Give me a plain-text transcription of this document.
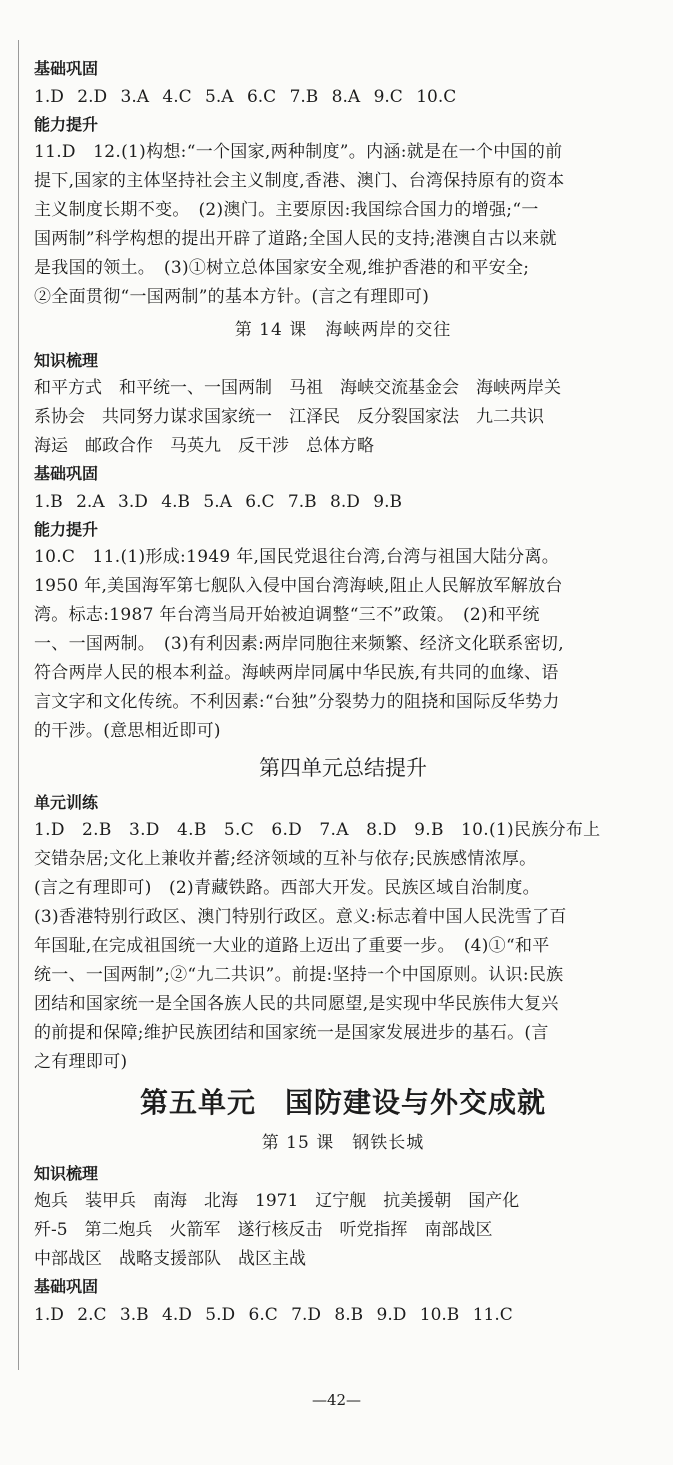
基础巩固
1.D 2.D 3.A 4.C 5.A 6.C 7.B 8.A 9.C 10.C
能力提升
11.D　12.(1)构想:“一个国家,两种制度”。内涵:就是在一个中国的前
提下,国家的主体坚持社会主义制度,香港、澳门、台湾保持原有的资本
主义制度长期不变。　(2)澳门。主要原因:我国综合国力的增强;“一
国两制”科学构想的提出开辟了道路;全国人民的支持;港澳自古以来就
是我国的领土。　(3)①树立总体国家安全观,维护香港的和平安全;
②全面贯彻“一国两制”的基本方针。(言之有理即可)
第 14 课　海峡两岸的交往
知识梳理
和平方式　和平统一、一国两制　马祖　海峡交流基金会　海峡两岸关
系协会　共同努力谋求国家统一　江泽民　反分裂国家法　九二共识
海运　邮政合作　马英九　反干涉　总体方略
基础巩固
1.B 2.A 3.D 4.B 5.A 6.C 7.B 8.D 9.B
能力提升
10.C　11.(1)形成:1949 年,国民党退往台湾,台湾与祖国大陆分离。
1950 年,美国海军第七舰队入侵中国台湾海峡,阻止人民解放军解放台
湾。标志:1987 年台湾当局开始被迫调整“三不”政策。　(2)和平统
一、一国两制。　(3)有利因素:两岸同胞往来频繁、经济文化联系密切,
符合两岸人民的根本利益。海峡两岸同属中华民族,有共同的血缘、语
言文字和文化传统。不利因素:“台独”分裂势力的阻挠和国际反华势力
的干涉。(意思相近即可)
第四单元总结提升
单元训练
1.D　2.B　3.D　4.B　5.C　6.D　7.A　8.D　9.B　10.(1)民族分布上
交错杂居;文化上兼收并蓄;经济领域的互补与依存;民族感情浓厚。
(言之有理即可)　(2)青藏铁路。西部大开发。民族区域自治制度。
(3)香港特别行政区、澳门特别行政区。意义:标志着中国人民洗雪了百
年国耻,在完成祖国统一大业的道路上迈出了重要一步。　(4)①“和平
统一、一国两制”;②“九二共识”。前提:坚持一个中国原则。认识:民族
团结和国家统一是全国各族人民的共同愿望,是实现中华民族伟大复兴
的前提和保障;维护民族团结和国家统一是国家发展进步的基石。(言
之有理即可)
第五单元　国防建设与外交成就
第 15 课　钢铁长城
知识梳理
炮兵　装甲兵　南海　北海　1971　辽宁舰　抗美援朝　国产化
歼-5　第二炮兵　火箭军　遂行核反击　听党指挥　南部战区
中部战区　战略支援部队　战区主战
基础巩固
1.D 2.C 3.B 4.D 5.D 6.C 7.D 8.B 9.D 10.B 11.C
—42—
